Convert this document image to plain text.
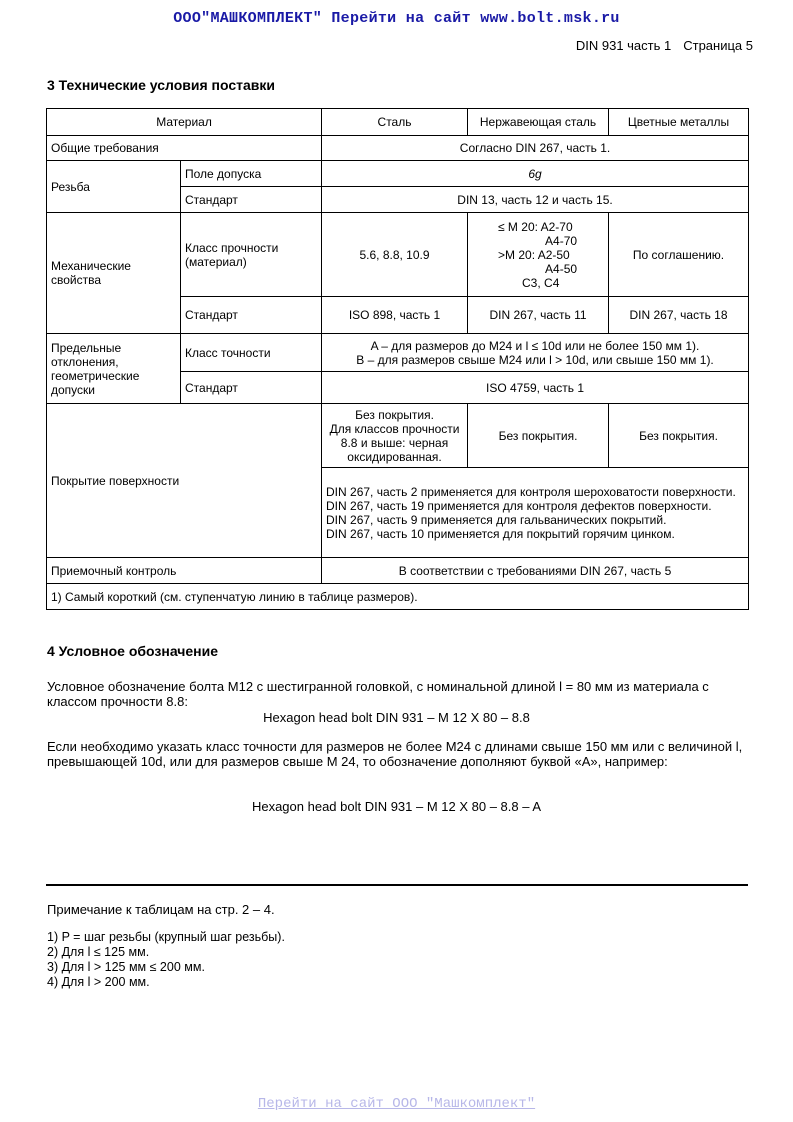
ООО"МАШКОМПЛЕКТ" Перейти на сайт www.bolt.msk.ru
DIN 931 часть 1 Страница 5
3 Технические условия поставки
Материал		Сталь	Нержавеющая сталь	Цветные металлы
Общие требования		Согласно DIN 267, часть 1.		
Резьба	Поле допуска	6g		
	Стандарт	DIN 13, часть 12 и часть 15.		
Механические свойства	Класс прочности (материал)	5.6, 8.8, 10.9	≤ M 20: A2-70
A4-70
>M 20: A2-50
A4-50
C3, C4	По соглашению.
	Стандарт	ISO 898, часть 1	DIN 267, часть 11	DIN 267, часть 18
Предельные отклонения, геометрические допуски	Класс точности	A – для размеров до M24 и l ≤ 10d или не более 150 мм 1).
B – для размеров свыше M24 или l > 10d, или свыше 150 мм 1).		

	Стандарт	ISO 4759, часть 1		
Покрытие поверхности		Без покрытия.
Для классов прочности
8.8 и выше: черная
оксидированная.	Без покрытия.	Без покрытия.

		DIN 267, часть 2 применяется для контроля шероховатости поверхности.
DIN 267, часть 19 применяется для контроля дефектов поверхности.
DIN 267, часть 9 применяется для гальванических покрытий.
DIN 267, часть 10 применяется для покрытий горячим цинком.		

Приемочный контроль		В соответствии с требованиями DIN 267, часть 5		
1) Самый короткий (см. ступенчатую линию в таблице размеров).				
4 Условное обозначение

Условное обозначение болта M12 с шестигранной головкой, с номинальной длиной l = 80 мм из материала с классом прочности 8.8:

Hexagon head bolt DIN 931 – M 12 X 80 – 8.8

Если необходимо указать класс точности для размеров не более M24 с длинами свыше 150 мм или с величиной l, превышающей 10d, или для размеров свыше M 24, то обозначение дополняют буквой «A», например:

Hexagon head bolt DIN 931 – M 12 X 80 – 8.8 – A
Примечание к таблицам на стр. 2 – 4.
1) P = шаг резьбы (крупный шаг резьбы).
2) Для l ≤ 125 мм.
3) Для l > 125 мм ≤ 200 мм.
4) Для l > 200 мм.
Перейти на сайт ООО "Машкомплект"
